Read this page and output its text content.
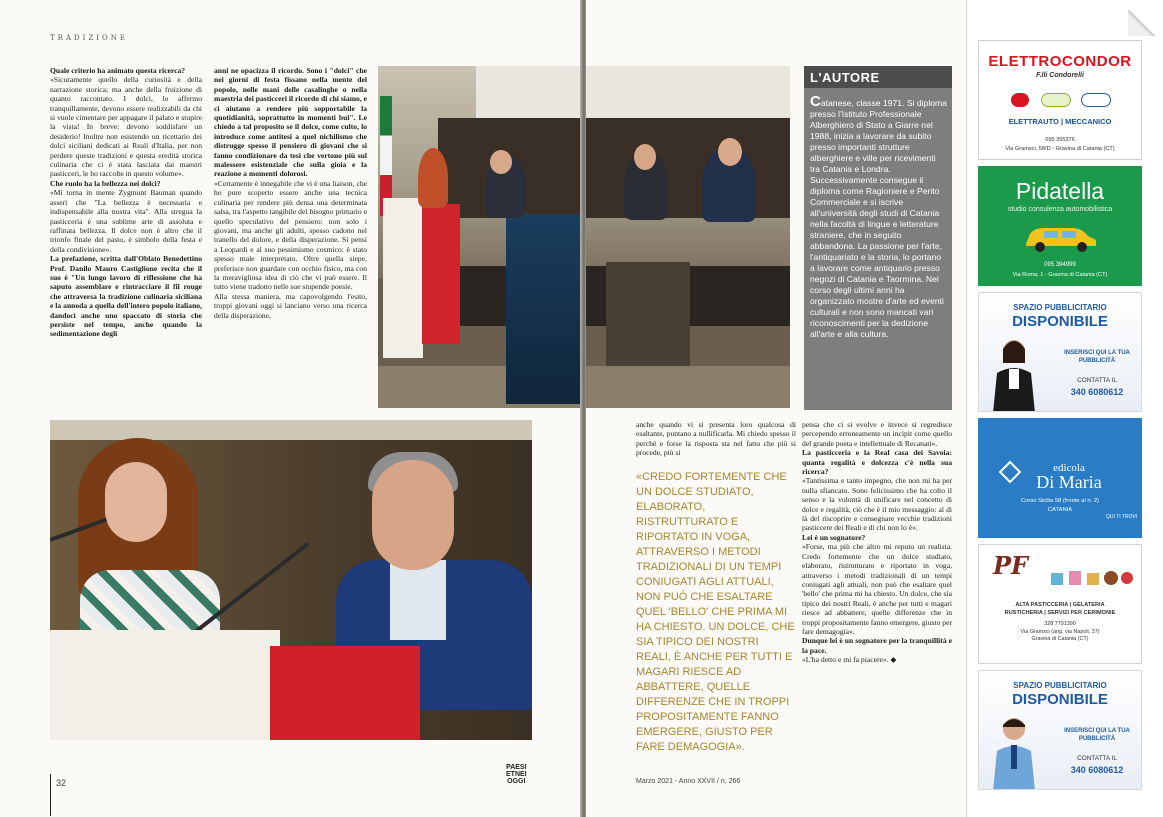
TRADIZIONE

Quale criterio ha animato questa ricerca?

«Sicuramente quello della curiosità e della narrazione storica; ma anche della fruizione di quanto raccontato. I dolci, lo affermo tranquillamente, devono essere realizzabili da chi si vuole cimentare per appagare il palato e stupire la vista! In breve: devono soddisfare un desiderio! Inoltre non esistendo un ricettario dei dolci siciliani dedicati ai Reali d'Italia, per non perdere queste tradizioni e questa eredità storica culinaria che ci è stata lasciata dai maestri pasticceri, le ho raccolte in questo volume».

Che ruolo ha la bellezza nei dolci?

«Mi torna in mente Zygmunt Bauman quando asserì che "La bellezza è necessaria e indispensabile alla nostra vita". Alla stregua la pasticceria è una sublime arte di assoluta e raffinata bellezza. Il dolce non è altro che il trionfo finale del pasto, è simbolo della festa e della condivisione».

La prefazione, scritta dall'Oblato Benedettino Prof. Danilo Mauro Castiglione recita che il suo è "Un lungo lavoro di riflessione che ha saputo assemblare e rintracciare il fil rouge che attraversa la tradizione culinaria siciliana e la annoda a quella dell'intero popolo italiano, dandoci anche uno spaccato di storia che persiste nel tempo, anche quando la sedimentazione degli

anni ne opacizza il ricordo. Sono i "dolci" che nei giorni di festa fissano nella mente del popolo, nelle mani delle casalinghe o nella maestria dei pasticceri il ricordo di chi siamo, e ci aiutano a rendere più sopportabile la quotidianità, soprattutto in momenti bui". Le chiedo a tal proposito se il dolce, come culto, lo introduce come antitesi a quel nichilismo che distrugge spesso il pensiero di giovani che si fanno condizionare da tesi che vertono più sul malessere esistenziale che sulla gioia e la reazione a momenti dolorosi.

«Certamente è innegabile che vi è una liaison, che ho pure scoperto essere anche una tecnica culinaria per rendere più densa una determinata salsa, tra l'aspetto tangibile del bisogno primario e quello speculativo del pensiero: non solo i giovani, ma anche gli adulti, spesso cadono nel tranello del dolore, e della disperazione. Si pensi a Leopardi e al suo pessimismo cosmico: è stato spesso male interpretato. Oltre quella siepe, preferisce non guardare con occhio fisico, ma con la meravigliosa idea di ciò che vi può essere. Il tutto viene tradotto nelle sue stupende poesie.

Alla stessa maniera, ma capovolgendo l'esito, troppi giovani oggi si lanciano verso una ricerca della disperazione,

32
PAESI
ETNEI
OGGI
L'AUTORE
Catanese, classe 1971. Si diploma presso l'Istituto Professionale Alberghiero di Stato a Giarre nel 1988, inizia a lavorare da subito presso importanti strutture alberghiere e ville per ricevimenti tra Catania e Londra. Successivamente consegue il diploma come Ragioniere e Perito Commerciale e si iscrive all'università degli studi di Catania nella facoltà di lingue e letterature straniere, che in seguito abbandona. La passione per l'arte, l'antiquariato e la storia, lo portano a lavorare come antiquario presso negozi di Catania e Taormina. Nel corso degli ultimi anni ha organizzato mostre d'arte ed eventi culturali e non sono mancati vari riconoscimenti per la dedizione all'arte e alla cultura.
anche quando vi si presenta loro qualcosa di esaltante, puntano a nullificarla. Mi chiedo spesso il perché e forse la risposta sta nel fatto che più si procede, più si
«CREDO FORTEMENTE CHE UN DOLCE STUDIATO, ELABORATO, RISTRUTTURATO E RIPORTATO IN VOGA, ATTRAVERSO I METODI TRADIZIONALI DI UN TEMPI CONIUGATI AGLI ATTUALI, NON PUÒ CHE ESALTARE QUEL 'BELLO' CHE PRIMA MI HA CHIESTO. UN DOLCE, CHE SIA TIPICO DEI NOSTRI REALI, È ANCHE PER TUTTI E MAGARI RIESCE AD ABBATTERE, QUELLE DIFFERENZE CHE IN TROPPI PROPOSITAMENTE FANNO EMERGERE, GIUSTO PER FARE DEMAGOGIA».

pensa che ci si evolve e invece si regredisce percependo erroneamente un incipit come quello del grande poeta e intellettuale di Recanati».

La pasticceria e la Real casa dei Savoia: quanta regalità e dolcezza c'è nella sua ricerca?

«Tantissima e tanto impegno, che non mi ha per nulla sfiancato. Sono felicissimo che ha colto il senso e la volontà di unificare nel concetto di dolce e regalità, ciò che è il mio messaggio: al di là del riscoprire e consegnare vecchie tradizioni pasticcere dei Reali e di chi non lo è».

Lei è un sognatore?

«Forse, ma più che altro mi reputo un realista. Credo fortemente che un dolce studiato, elaborato, ristrutturato e riportato in voga, attraverso i metodi tradizionali di un tempi coniugati agli attuali, non può che esaltare quel 'bello' che prima mi ha chiesto. Un dolce, che sia tipico dei nostri Reali, è anche per tutti e magari riesce ad abbattere, quelle differenze che in troppi propositamente fanno emergere, giusto per fare demagogia».

Dunque lei è un sognatore per la tranquillità e la pace.

«L'ha detto e mi fa piacere». ◆

Marzo 2021 - Anno XXVII / n. 266
ELETTROCONDOR
F.lli Condorelli
ELETTRAUTO | MECCANICO
095 395376
Via Gramsci, 58/D - Gravina di Catania (CT)
Pidatella
studio consulenza automobilistica
095 394999
Via Roma, 1 - Gravina di Catania (CT)
SPAZIO PUBBLICITARIO
DISPONIBILE
INSERISCI QUI LA TUA PUBBLICITÀ
CONTATTA IL
340 6080612
edicola
Di Maria
Corso Sicilia 58 (fronte al n. 2)
CATANIA
QUI TI TROVI
PF
ALTA PASTICCERIA | GELATERIA
RUSTICHERIA | SERVIZI PER CERIMONIE
328 7791390
Via Gramsci (ang. via Napoli, 37)
Gravina di Catania (CT)
SPAZIO PUBBLICITARIO
DISPONIBILE
INSERISCI QUI LA TUA PUBBLICITÀ
CONTATTA IL
340 6080612
